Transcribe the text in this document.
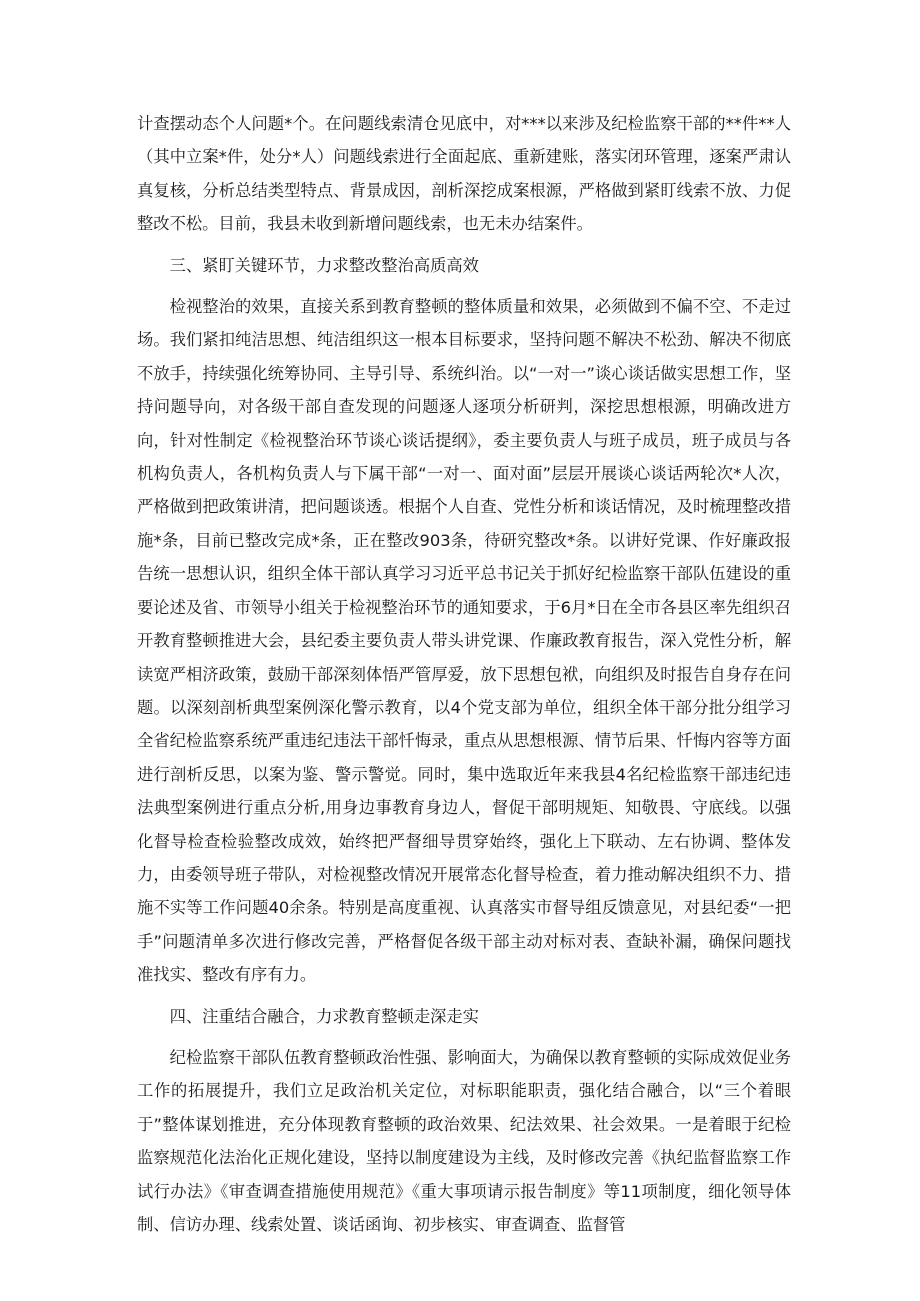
计查摆动态个人问题*个。在问题线索清仓见底中，对***以来涉及纪检监察干部的**件**人（其中立案*件，处分*人）问题线索进行全面起底、重新建账，落实闭环管理，逐案严肃认真复核，分析总结类型特点、背景成因，剖析深挖成案根源，严格做到紧盯线索不放、力促整改不松。目前，我县未收到新增问题线索，也无未办结案件。

三、紧盯关键环节，力求整改整治高质高效

检视整治的效果，直接关系到教育整顿的整体质量和效果，必须做到不偏不空、不走过场。我们紧扣纯洁思想、纯洁组织这一根本目标要求，坚持问题不解决不松劲、解决不彻底不放手，持续强化统筹协同、主导引导、系统纠治。以“一对一”谈心谈话做实思想工作，坚持问题导向，对各级干部自查发现的问题逐人逐项分析研判，深挖思想根源，明确改进方向，针对性制定《检视整治环节谈心谈话提纲》，委主要负责人与班子成员，班子成员与各机构负责人，各机构负责人与下属干部“一对一、面对面”层层开展谈心谈话两轮次*人次，严格做到把政策讲清，把问题谈透。根据个人自查、党性分析和谈话情况，及时梳理整改措施*条，目前已整改完成*条，正在整改903条，待研究整改*条。以讲好党课、作好廉政报告统一思想认识，组织全体干部认真学习习近平总书记关于抓好纪检监察干部队伍建设的重要论述及省、市领导小组关于检视整治环节的通知要求，于6月*日在全市各县区率先组织召开教育整顿推进大会，县纪委主要负责人带头讲党课、作廉政教育报告，深入党性分析，解读宽严相济政策，鼓励干部深刻体悟严管厚爱，放下思想包袱，向组织及时报告自身存在问题。以深刻剖析典型案例深化警示教育，以4个党支部为单位，组织全体干部分批分组学习全省纪检监察系统严重违纪违法干部忏悔录，重点从思想根源、情节后果、忏悔内容等方面进行剖析反思，以案为鉴、警示警觉。同时，集中选取近年来我县4名纪检监察干部违纪违法典型案例进行重点分析,用身边事教育身边人，督促干部明规矩、知敬畏、守底线。以强化督导检查检验整改成效，始终把严督细导贯穿始终，强化上下联动、左右协调、整体发力，由委领导班子带队，对检视整改情况开展常态化督导检查，着力推动解决组织不力、措施不实等工作问题40余条。特别是高度重视、认真落实市督导组反馈意见，对县纪委“一把手”问题清单多次进行修改完善，严格督促各级干部主动对标对表、查缺补漏，确保问题找准找实、整改有序有力。

四、注重结合融合，力求教育整顿走深走实

纪检监察干部队伍教育整顿政治性强、影响面大，为确保以教育整顿的实际成效促业务工作的拓展提升，我们立足政治机关定位，对标职能职责，强化结合融合，以“三个着眼于”整体谋划推进，充分体现教育整顿的政治效果、纪法效果、社会效果。一是着眼于纪检监察规范化法治化正规化建设，坚持以制度建设为主线，及时修改完善《执纪监督监察工作试行办法》《审查调查措施使用规范》《重大事项请示报告制度》等11项制度，细化领导体制、信访办理、线索处置、谈话函询、初步核实、审查调查、监督管
